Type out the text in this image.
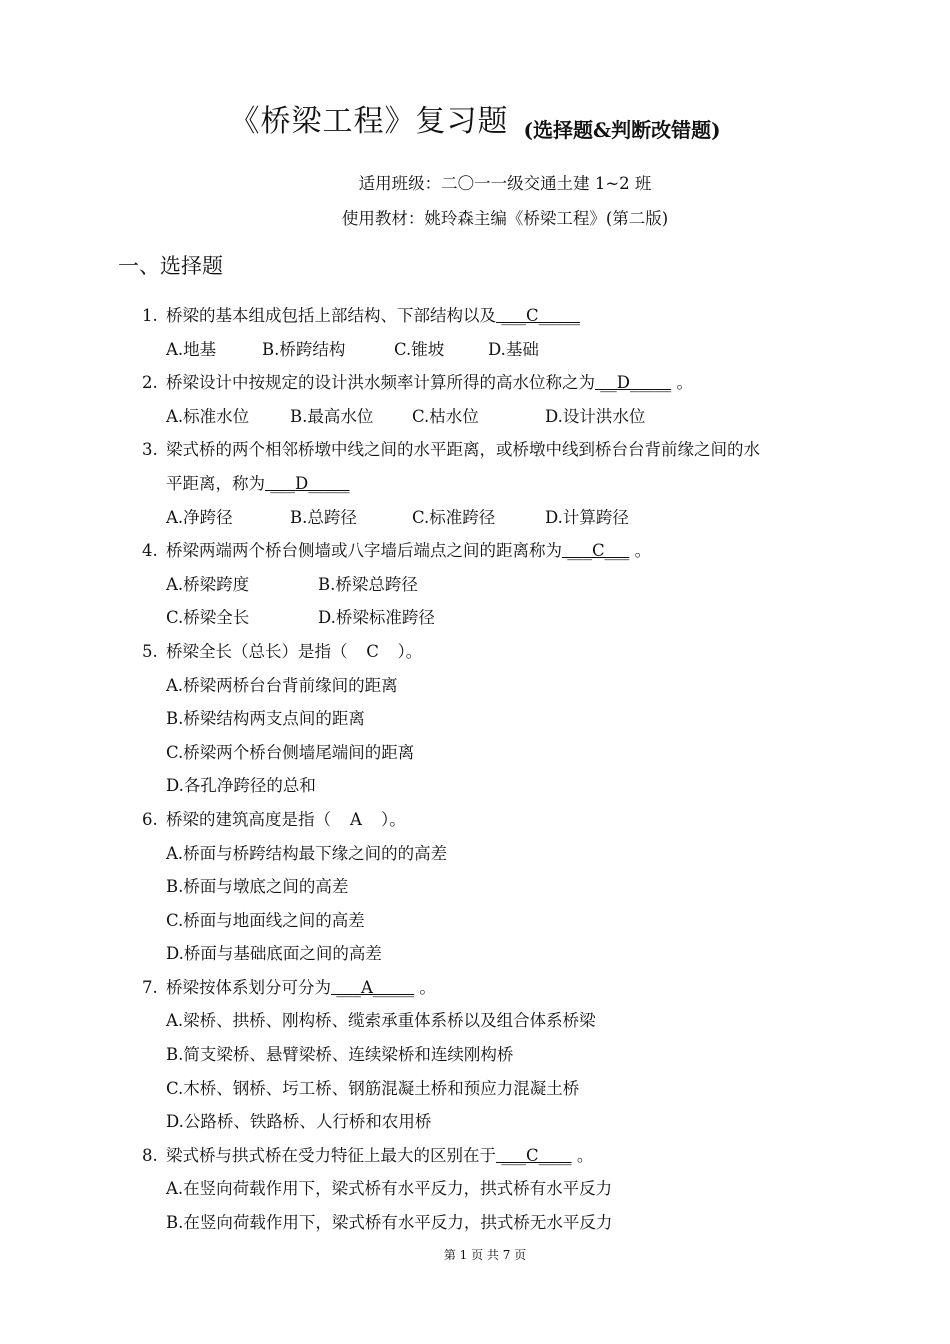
《桥梁工程》复习题 (选择题&判断改错题)
适用班级：二〇一一级交通土建 1~2 班
使用教材：姚玲森主编《桥梁工程》(第二版)
一、选择题
1. 桥梁的基本组成包括上部结构、下部结构以及 ___C_____
A.地基	B.桥跨结构	C.锥坡	D.基础
2. 桥梁设计中按规定的设计洪水频率计算所得的高水位称之为 __D_____ 。
A.标准水位 B.最高水位 C.枯水位	D.设计洪水位
3. 梁式桥的两个相邻桥墩中线之间的水平距离，或桥墩中线到桥台台背前缘之间的水
平距离，称为 ___D_____
A.净跨径	B.总跨径	C.标准跨径	D.计算跨径
4. 桥梁两端两个桥台侧墙或八字墙后端点之间的距离称为 ___C___ 。
A.桥梁跨度	B.桥梁总跨径
C.桥梁全长	D.桥梁标准跨径
5. 桥梁全长（总长）是指（ C ）。
A.桥梁两桥台台背前缘间的距离
B.桥梁结构两支点间的距离
C.桥梁两个桥台侧墙尾端间的距离
D.各孔净跨径的总和
6. 桥梁的建筑高度是指（ A ）。
A.桥面与桥跨结构最下缘之间的的高差
B.桥面与墩底之间的高差
C.桥面与地面线之间的高差
D.桥面与基础底面之间的高差
7. 桥梁按体系划分可分为 ___A_____ 。
A.梁桥、拱桥、刚构桥、缆索承重体系桥以及组合体系桥梁
B.简支梁桥、悬臂梁桥、连续梁桥和连续刚构桥
C.木桥、钢桥、圬工桥、钢筋混凝土桥和预应力混凝土桥
D.公路桥、铁路桥、人行桥和农用桥
8. 梁式桥与拱式桥在受力特征上最大的区别在于 ___C____ 。
A.在竖向荷载作用下，梁式桥有水平反力，拱式桥有水平反力
B.在竖向荷载作用下，梁式桥有水平反力，拱式桥无水平反力
第 1 页 共 7 页
